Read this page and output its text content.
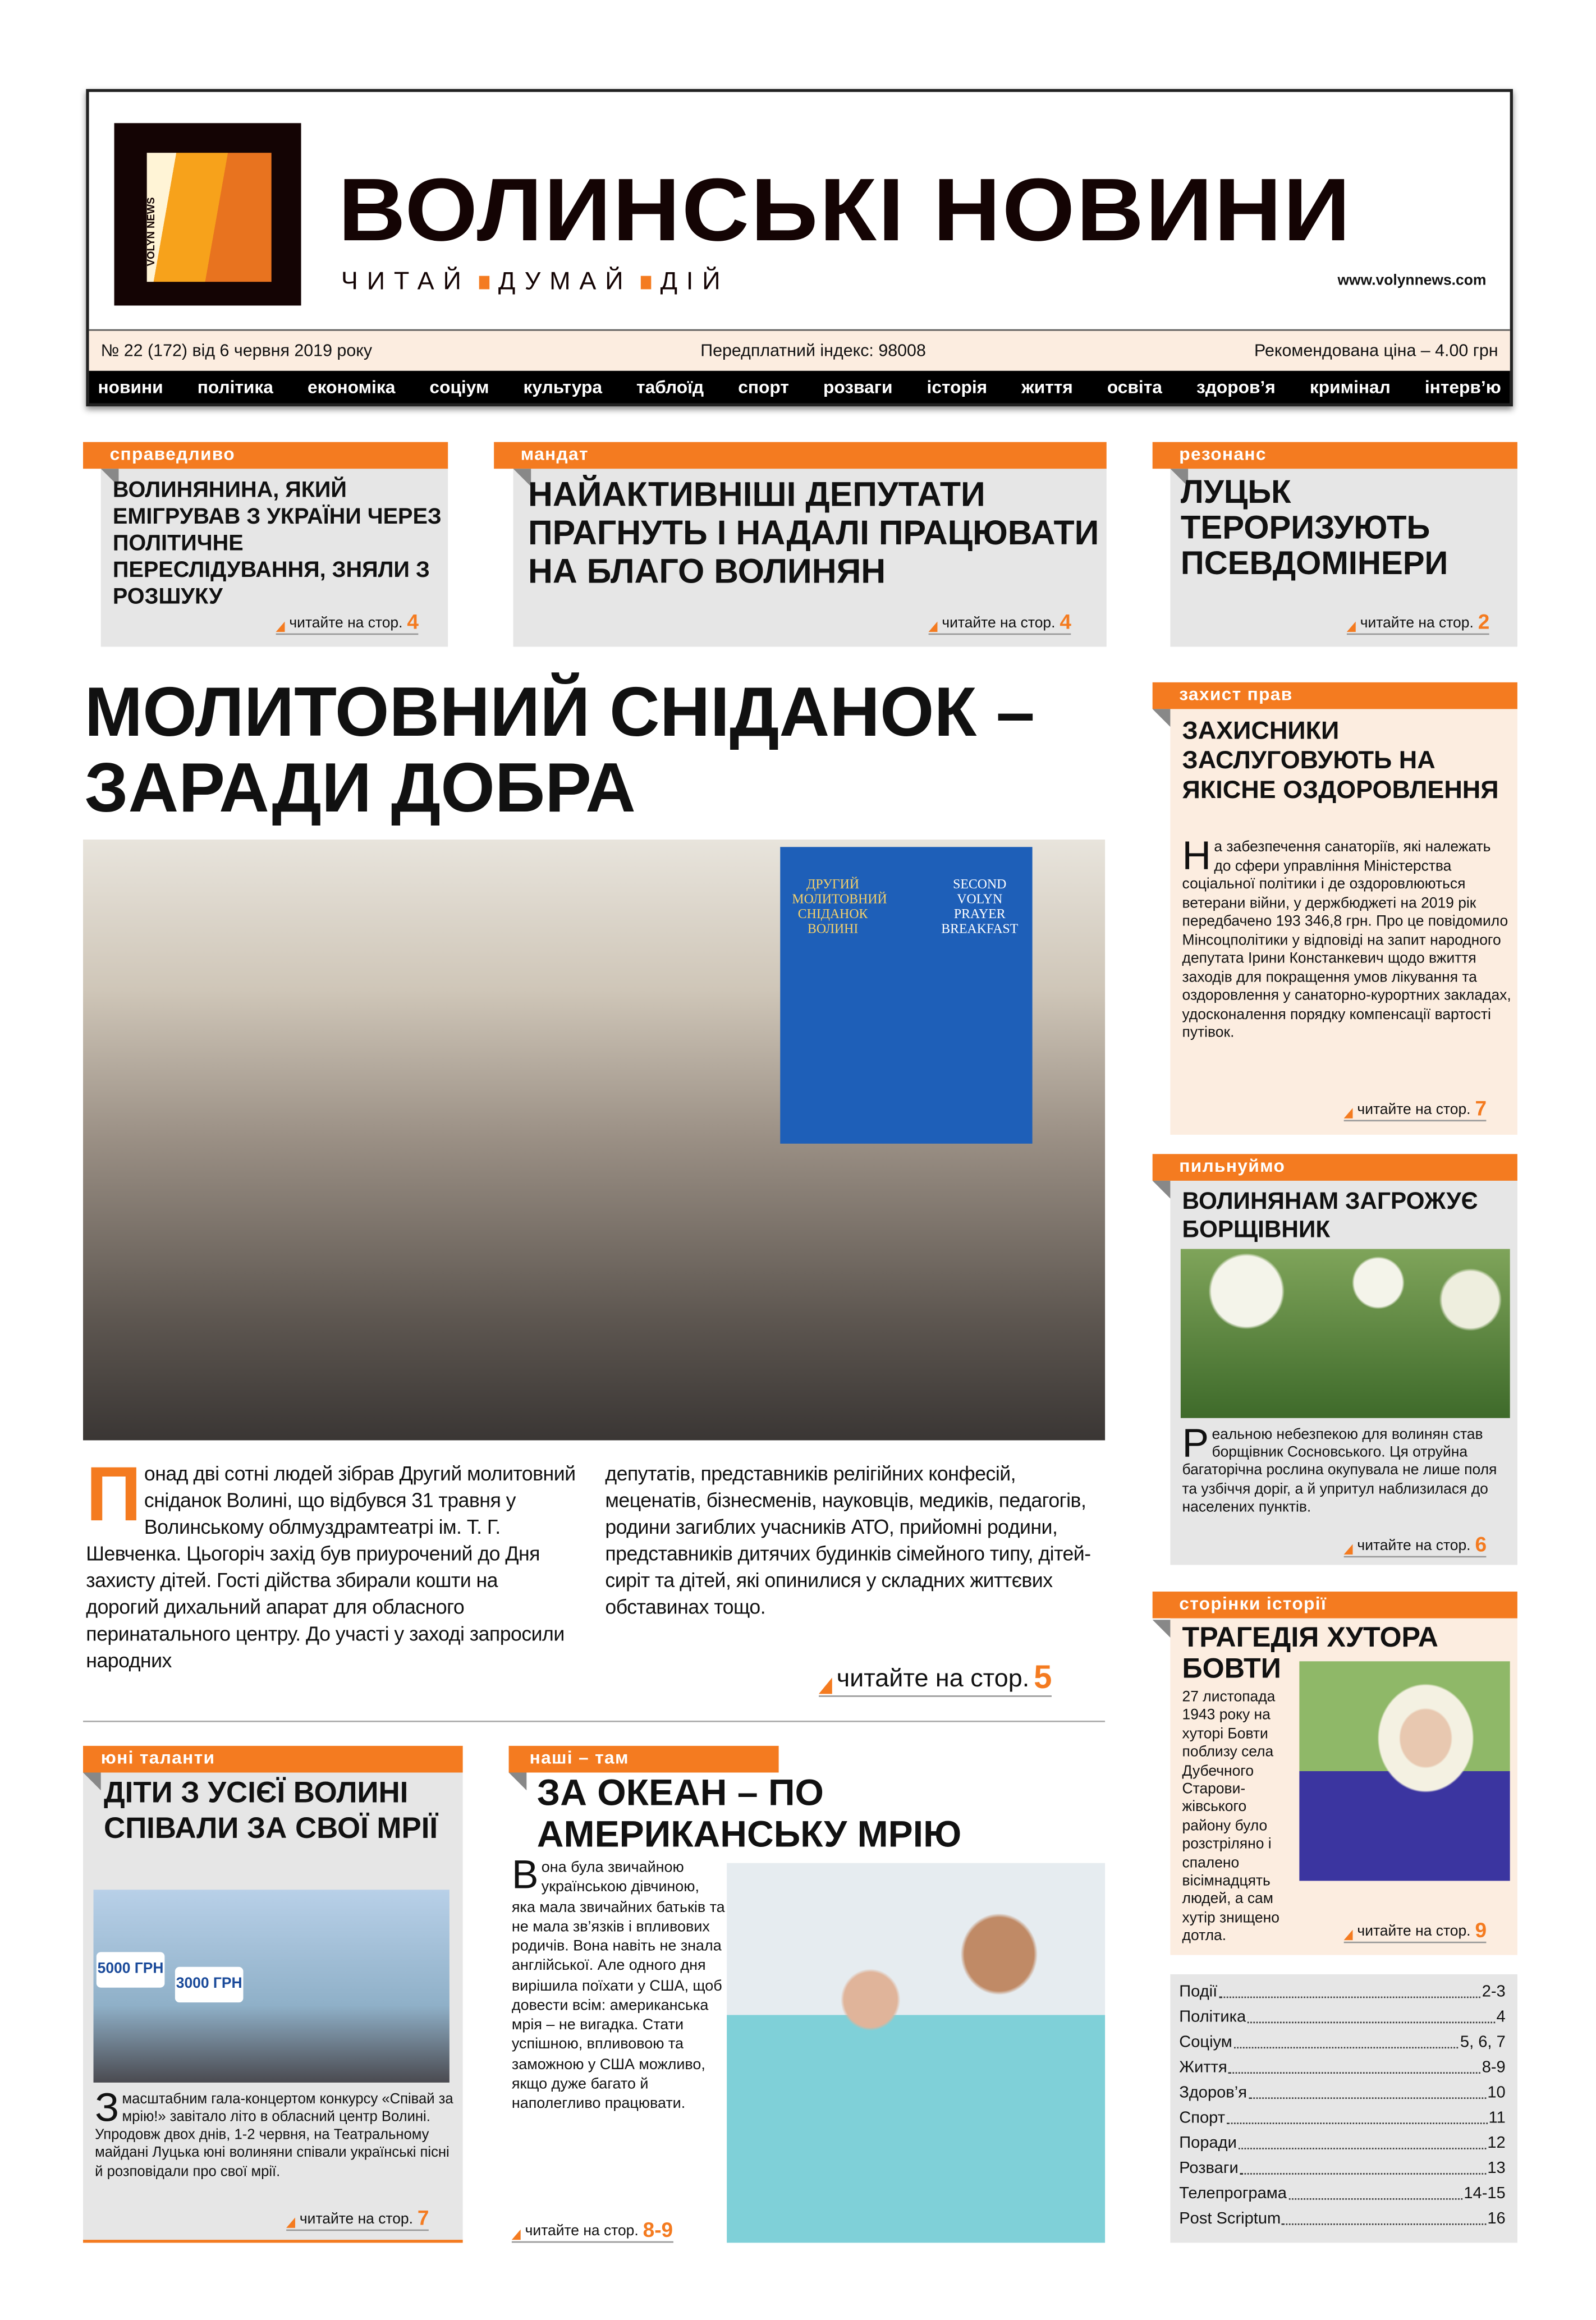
VOLYN NEWS	ВОЛИНСЬКІ НОВИНИ
ЧИТАЙ	ДУМАЙ	ДІЙ	www.volynnews.com
№ 22 (172) від 6 червня 2019 року	Передплатний індекс: 98008	Рекомендована ціна – 4.00 грн
новини	політика	економіка	соціум	культура	таблоїд	спорт	розваги	історія	життя	освіта	здоров’я	кримінал	інтерв’ю
справедливо
ВОЛИНЯНИНА, ЯКИЙ ЕМІГРУВАВ З УКРАЇНИ ЧЕРЕЗ ПОЛІТИЧНЕ ПЕРЕСЛІДУВАННЯ, ЗНЯЛИ З РОЗШУКУ
читайте на стор. 4
мандат
НАЙАКТИВНІШІ ДЕПУТАТИ ПРАГНУТЬ І НАДАЛІ ПРАЦЮВАТИ НА БЛАГО ВОЛИНЯН
читайте на стор. 4
резонанс
ЛУЦЬК ТЕРОРИЗУЮТЬ ПСЕВДОМІНЕРИ
читайте на стор. 2
МОЛИТОВНИЙ СНІДАНОК – ЗАРАДИ ДОБРА
ДРУГИЙ МОЛИТОВНИЙ СНІДАНОК ВОЛИНІ
SECOND VOLYN PRAYER BREAKFAST
Понад дві сотні людей зібрав Другий молитовний сніданок Волині, що відбувся 31 травня у Волинському облмуздрамтеатрі ім. Т. Г. Шевченка. Цьогоріч захід був приурочений до Дня захисту дітей. Гості дійства збирали кошти на дорогий дихальний апарат для обласного перинатального центру. До участі у заході запросили народних
депутатів, представників релігійних конфесій, меценатів, бізнесменів, науковців, медиків, педагогів, родини загиблих учасників АТО, прийомні родини, представників дитячих будинків сімейного типу, дітей-сиріт та дітей, які опинилися у складних життєвих обставинах тощо.
читайте на стор. 5
захист прав
ЗАХИСНИКИ ЗАСЛУГОВУЮТЬ НА ЯКІСНЕ ОЗДОРОВЛЕННЯ
На забезпечення санаторіїв, які належать до сфери управління Міністерства соціальної політики і де оздоровлюються ветерани війни, у держбюджеті на 2019 рік передбачено 193 346,8 грн. Про це повідомило Мінсоцполітики у відповіді на запит народного депутата Ірини Констанкевич щодо вжиття заходів для покращення умов лікування та оздоровлення у санаторно-курортних закладах, удосконалення порядку компенсації вартості путівок.
читайте на стор. 7
пильнуймо
ВОЛИНЯНАМ ЗАГРОЖУЄ БОРЩІВНИК
Реальною небезпекою для волинян став борщівник Сосновського. Ця отруйна багаторічна рослина окупувала не лише поля та узбіччя доріг, а й упритул наблизилася до населених пунктів.
читайте на стор. 6
сторінки історії
ТРАГЕДІЯ ХУТОРА БОВТИ
27 листопада 1943 року на хуторі Бовти поблизу села Дубечного Старови-жівського району було розстріляно і спалено вісімнадцять людей, а сам хутір знищено дотла.	читайте на стор. 9
Події	2-3
Політика	4
Соціум	5, 6, 7
Життя	8-9
Здоров’я	10
Спорт	11
Поради	12
Розваги	13
Телепрограма	14-15
Post Scriptum	16
юні таланти
ДІТИ З УСІЄЇ ВОЛИНІ СПІВАЛИ ЗА СВОЇ МРІЇ
5000 ГРН
3000 ГРН
Змасштабним гала-концертом конкурсу «Співай за мрію!» завітало літо в обласний центр Волині. Упродовж двох днів, 1-2 червня, на Театральному майдані Луцька юні волиняни співали українські пісні й розповідали про свої мрії.
читайте на стор. 7
наші – там
ЗА ОКЕАН – ПО АМЕРИКАНСЬКУ МРІЮ
Вона була звичайною українською дівчиною, яка мала звичайних батьків та не мала зв’язків і впливових родичів. Вона навіть не знала англійської. Але одного дня вирішила поїхати у США, щоб довести всім: американська мрія – не вигадка. Стати успішною, впливовою та заможною у США можливо, якщо дуже багато й наполегливо працювати.
читайте на стор. 8-9
